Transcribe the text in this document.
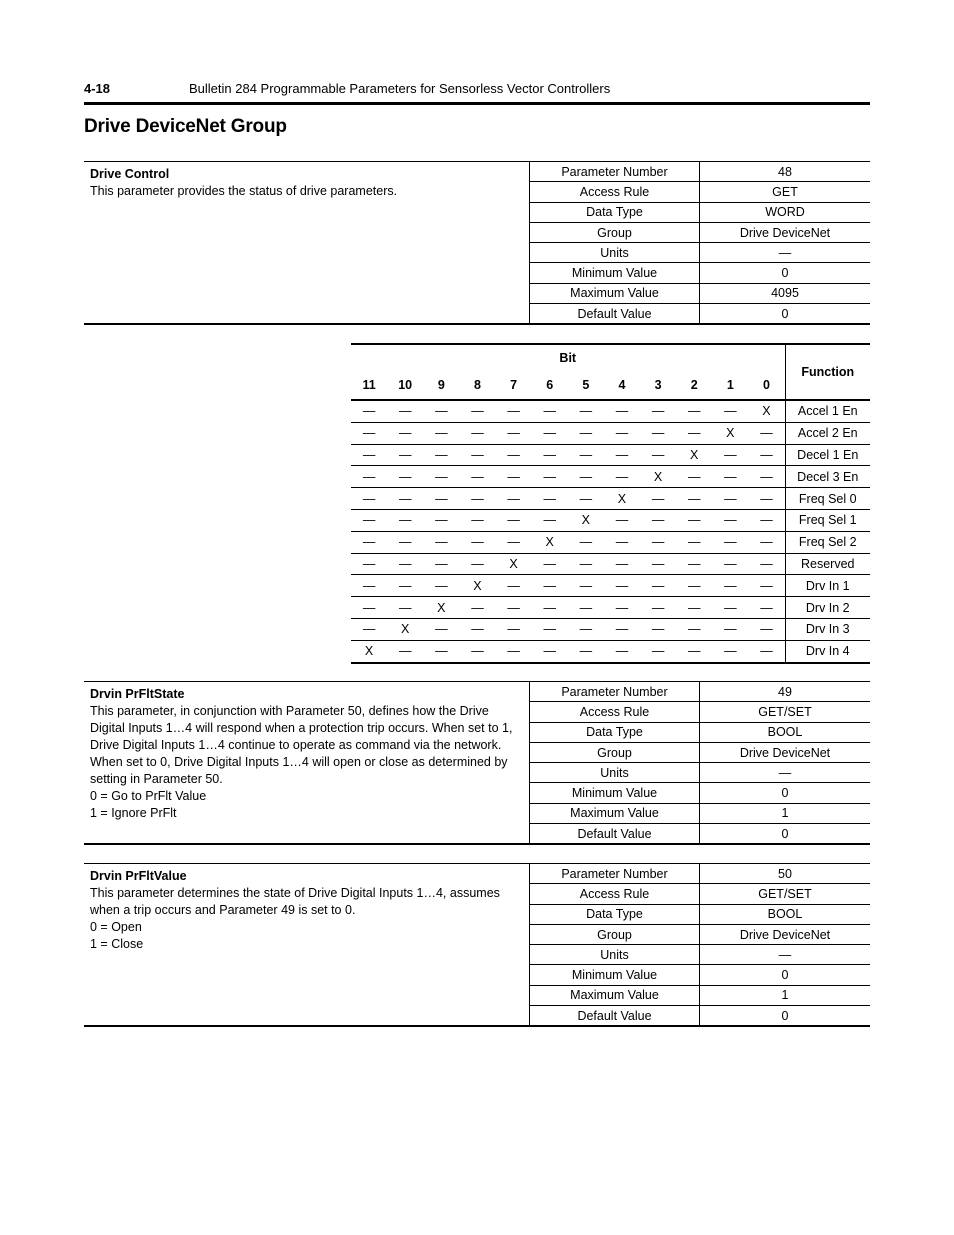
4-18	Bulletin 284 Programmable Parameters for Sensorless Vector Controllers
Drive DeviceNet Group

Drive Control

This parameter provides the status of drive parameters.

Parameter Number	48
Access Rule	GET
Data Type	WORD
Group	Drive DeviceNet
Units	—
Minimum Value	0
Maximum Value	4095
Default Value	0
Bit												Function
11	10	9	8	7	6	5	4	3	2	1	0	
—	—	—	—	—	—	—	—	—	—	—	X	Accel 1 En
—	—	—	—	—	—	—	—	—	—	X	—	Accel 2 En
—	—	—	—	—	—	—	—	—	X	—	—	Decel 1 En
—	—	—	—	—	—	—	—	X	—	—	—	Decel 3 En
—	—	—	—	—	—	—	X	—	—	—	—	Freq Sel 0
—	—	—	—	—	—	X	—	—	—	—	—	Freq Sel 1
—	—	—	—	—	X	—	—	—	—	—	—	Freq Sel 2
—	—	—	—	X	—	—	—	—	—	—	—	Reserved
—	—	—	X	—	—	—	—	—	—	—	—	Drv In 1
—	—	X	—	—	—	—	—	—	—	—	—	Drv In 2
—	X	—	—	—	—	—	—	—	—	—	—	Drv In 3
X	—	—	—	—	—	—	—	—	—	—	—	Drv In 4

Drvin PrFltState

This parameter, in conjunction with Parameter 50, defines how the Drive Digital Inputs 1…4 will respond when a protection trip occurs. When set to 1, Drive Digital Inputs 1…4 continue to operate as command via the network. When set to 0, Drive Digital Inputs 1…4 will open or close as determined by setting in Parameter 50.

0 = Go to PrFlt Value

1 = Ignore PrFlt

Parameter Number	49
Access Rule	GET/SET
Data Type	BOOL
Group	Drive DeviceNet
Units	—
Minimum Value	0
Maximum Value	1
Default Value	0

Drvin PrFltValue

This parameter determines the state of Drive Digital Inputs 1…4, assumes when a trip occurs and Parameter 49 is set to 0.

0 = Open

1 = Close

Parameter Number	50
Access Rule	GET/SET
Data Type	BOOL
Group	Drive DeviceNet
Units	—
Minimum Value	0
Maximum Value	1
Default Value	0
